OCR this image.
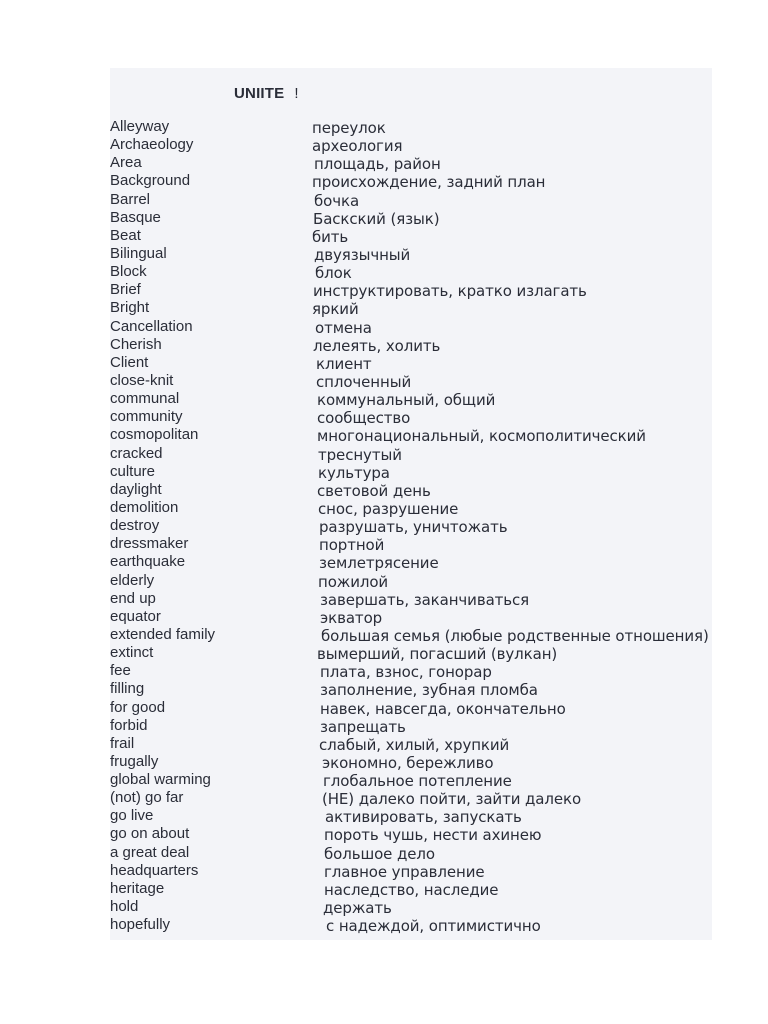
UNIITE !
Alleyway	переулок
Archaeology	археология
Area	площадь, район
Background	происхождение, задний план
Barrel	бочка
Basque	Баскский (язык)
Beat	бить
Bilingual	двуязычный
Block	блок
Brief	инструктировать, кратко излагать
Bright	яркий
Cancellation	отмена
Cherish	лелеять, холить
Client	клиент
close-knit	сплоченный
communal	коммунальный, общий
community	сообщество
cosmopolitan	многонациональный, космополитический
cracked	треснутый
culture	культура
daylight	световой день
demolition	снос, разрушение
destroy	разрушать, уничтожать
dressmaker	портной
earthquake	землетрясение
elderly	пожилой
end up	завершать, заканчиваться
equator	экватор
extended family	большая семья (любые родственные отношения)
extinct	вымерший, погасший (вулкан)
fee	плата, взнос, гонорар
filling	заполнение, зубная пломба
for good	навек, навсегда, окончательно
forbid	запрещать
frail	слабый, хилый, хрупкий
frugally	экономно, бережливо
global warming	глобальное потепление
(not) go far	(НЕ) далеко пойти, зайти далеко
go live	активировать, запускать
go on about	пороть чушь, нести ахинею
a great deal	большое дело
headquarters	главное управление
heritage	наследство, наследие
hold	держать
hopefully	с надеждой, оптимистично
